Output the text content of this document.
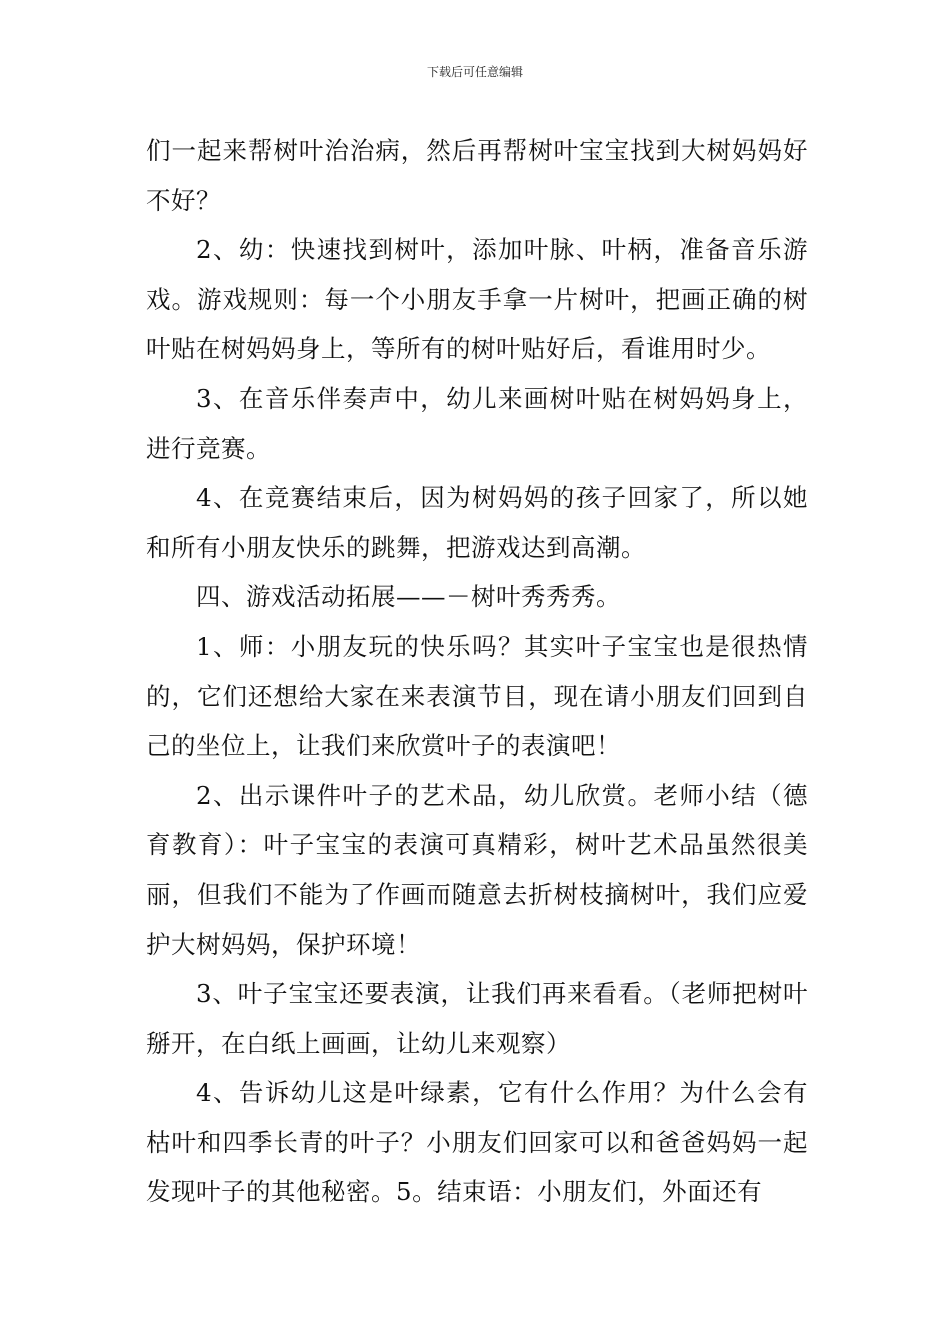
下载后可任意编辑

们一起来帮树叶治治病，然后再帮树叶宝宝找到大树妈妈好不好？

2、幼：快速找到树叶，添加叶脉、叶柄，准备音乐游戏。游戏规则：每一个小朋友手拿一片树叶，把画正确的树叶贴在树妈妈身上，等所有的树叶贴好后，看谁用时少。

3、在音乐伴奏声中，幼儿来画树叶贴在树妈妈身上，进行竞赛。

4、在竞赛结束后，因为树妈妈的孩子回家了，所以她和所有小朋友快乐的跳舞，把游戏达到高潮。

四、游戏活动拓展——－树叶秀秀秀。

1、师：小朋友玩的快乐吗？其实叶子宝宝也是很热情的，它们还想给大家在来表演节目，现在请小朋友们回到自己的坐位上，让我们来欣赏叶子的表演吧！

2、出示课件叶子的艺术品，幼儿欣赏。老师小结（德育教育）：叶子宝宝的表演可真精彩，树叶艺术品虽然很美丽，但我们不能为了作画而随意去折树枝摘树叶，我们应爱护大树妈妈，保护环境！

3、叶子宝宝还要表演，让我们再来看看。（老师把树叶掰开，在白纸上画画，让幼儿来观察）

4、告诉幼儿这是叶绿素，它有什么作用？为什么会有枯叶和四季长青的叶子？小朋友们回家可以和爸爸妈妈一起发现叶子的其他秘密。5。结束语：小朋友们，外面还有
